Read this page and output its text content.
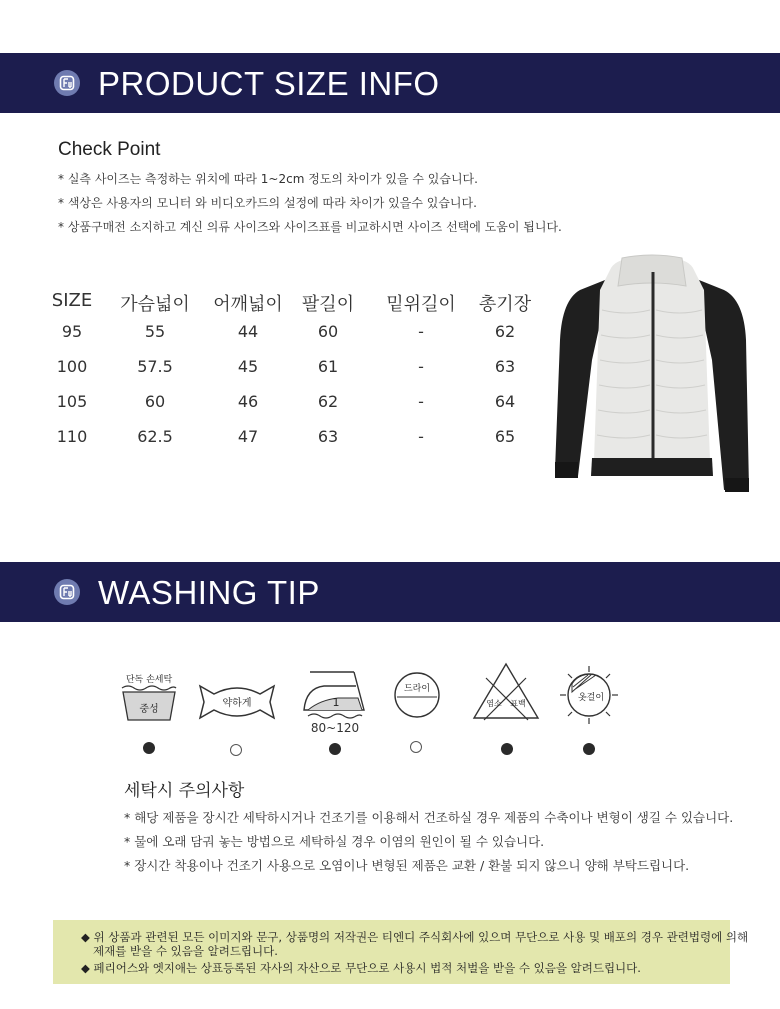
PRODUCT SIZE INFO
Check Point
* 실측 사이즈는 측정하는 위치에 따라 1~2cm 정도의 차이가 있을 수 있습니다.
* 색상은 사용자의 모니터 와 비디오카드의 설정에 따라 차이가 있을수 있습니다.
* 상품구매전 소지하고 계신 의류 사이즈와 사이즈표를 비교하시면 사이즈 선택에 도움이 됩니다.
SIZE 가슴넓이 어깨넓이 팔길이 밑위길이 총기장
95	55	44	60	-	62
100	57.5	45	61	-	63
105	60	46	62	-	64
110	62.5	47	63	-	65
WASHING TIP
단독 손세탁
중성
약하게	1
80~120
드라이
염소 표백
옷걸이
세탁시 주의사항
* 해당 제품을 장시간 세탁하시거나 건조기를 이용해서 건조하실 경우 제품의 수축이나 변형이 생길 수 있습니다.
* 물에 오래 담궈 놓는 방법으로 세탁하실 경우 이염의 원인이 될 수 있습니다.
* 장시간 착용이나 건조기 사용으로 오염이나 변형된 제품은 교환 / 환불 되지 않으니 양해 부탁드립니다.
◆ 위 상품과 관련된 모든 이미지와 문구, 상품명의 저작권은 티엔디 주식회사에 있으며 무단으로 사용 및 배포의 경우 관련법령에 의해
제재를 받을 수 있음을 알려드립니다.
◆ 페리어스와 엣지애는 상표등록된 자사의 자산으로 무단으로 사용시 법적 처벌을 받을 수 있음을 알려드립니다.
